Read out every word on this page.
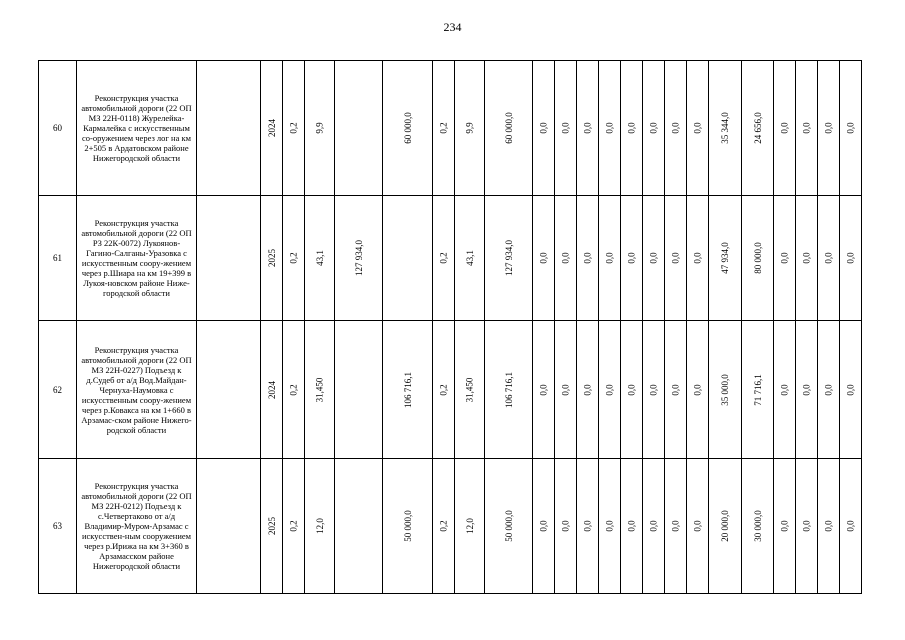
234
60	Реконструкция участка автомобильной дороги (22 ОП МЗ 22Н-0118) Журелейка-Кармалейка с искусственным со-оружением через лог на км 2+505 в Ардатовском районе Нижегородской области		2024	0,2	9,9		60 000,0	0,2	9,9	60 000,0	0,0	0,0	0,0	0,0	0,0	0,0	0,0	0,0	35 344,0	24 656,0	0,0	0,0	0,0	0,0
61	Реконструкция участка автомобильной дороги (22 ОП РЗ 22К-0072) Лукоянов-Гагино-Салганы-Уразовка с искусственным соору-жением через р.Шиара на км 19+399 в Лукоя-новском районе Ниже-городской области		2025	0,2	43,1	127 934,0		0,2	43,1	127 934,0	0,0	0,0	0,0	0,0	0,0	0,0	0,0	0,0	47 934,0	80 000,0	0,0	0,0	0,0	0,0
62	Реконструкция участка автомобильной дороги (22 ОП МЗ 22Н-0227) Подъезд к д.Судеб от а/д Вод.Майдан-Чернуха-Наумовка с искусственным соору-жением через р.Ковакса на км 1+660 в Арзамас-ском районе Нижего-родской области		2024	0,2	31,450		106 716,1	0,2	31,450	106 716,1	0,0	0,0	0,0	0,0	0,0	0,0	0,0	0,0	35 000,0	71 716,1	0,0	0,0	0,0	0,0
63	Реконструкция участка автомобильной дороги (22 ОП МЗ 22Н-0212) Подъезд к с.Четвертаково от а/д Владимир-Муром-Арзамас с искусствен-ным сооружением через р.Ирижа на км 3+360 в Арзамасском районе Нижегородской области		2025	0,2	12,0		50 000,0	0,2	12,0	50 000,0	0,0	0,0	0,0	0,0	0,0	0,0	0,0	0,0	20 000,0	30 000,0	0,0	0,0	0,0	0,0
